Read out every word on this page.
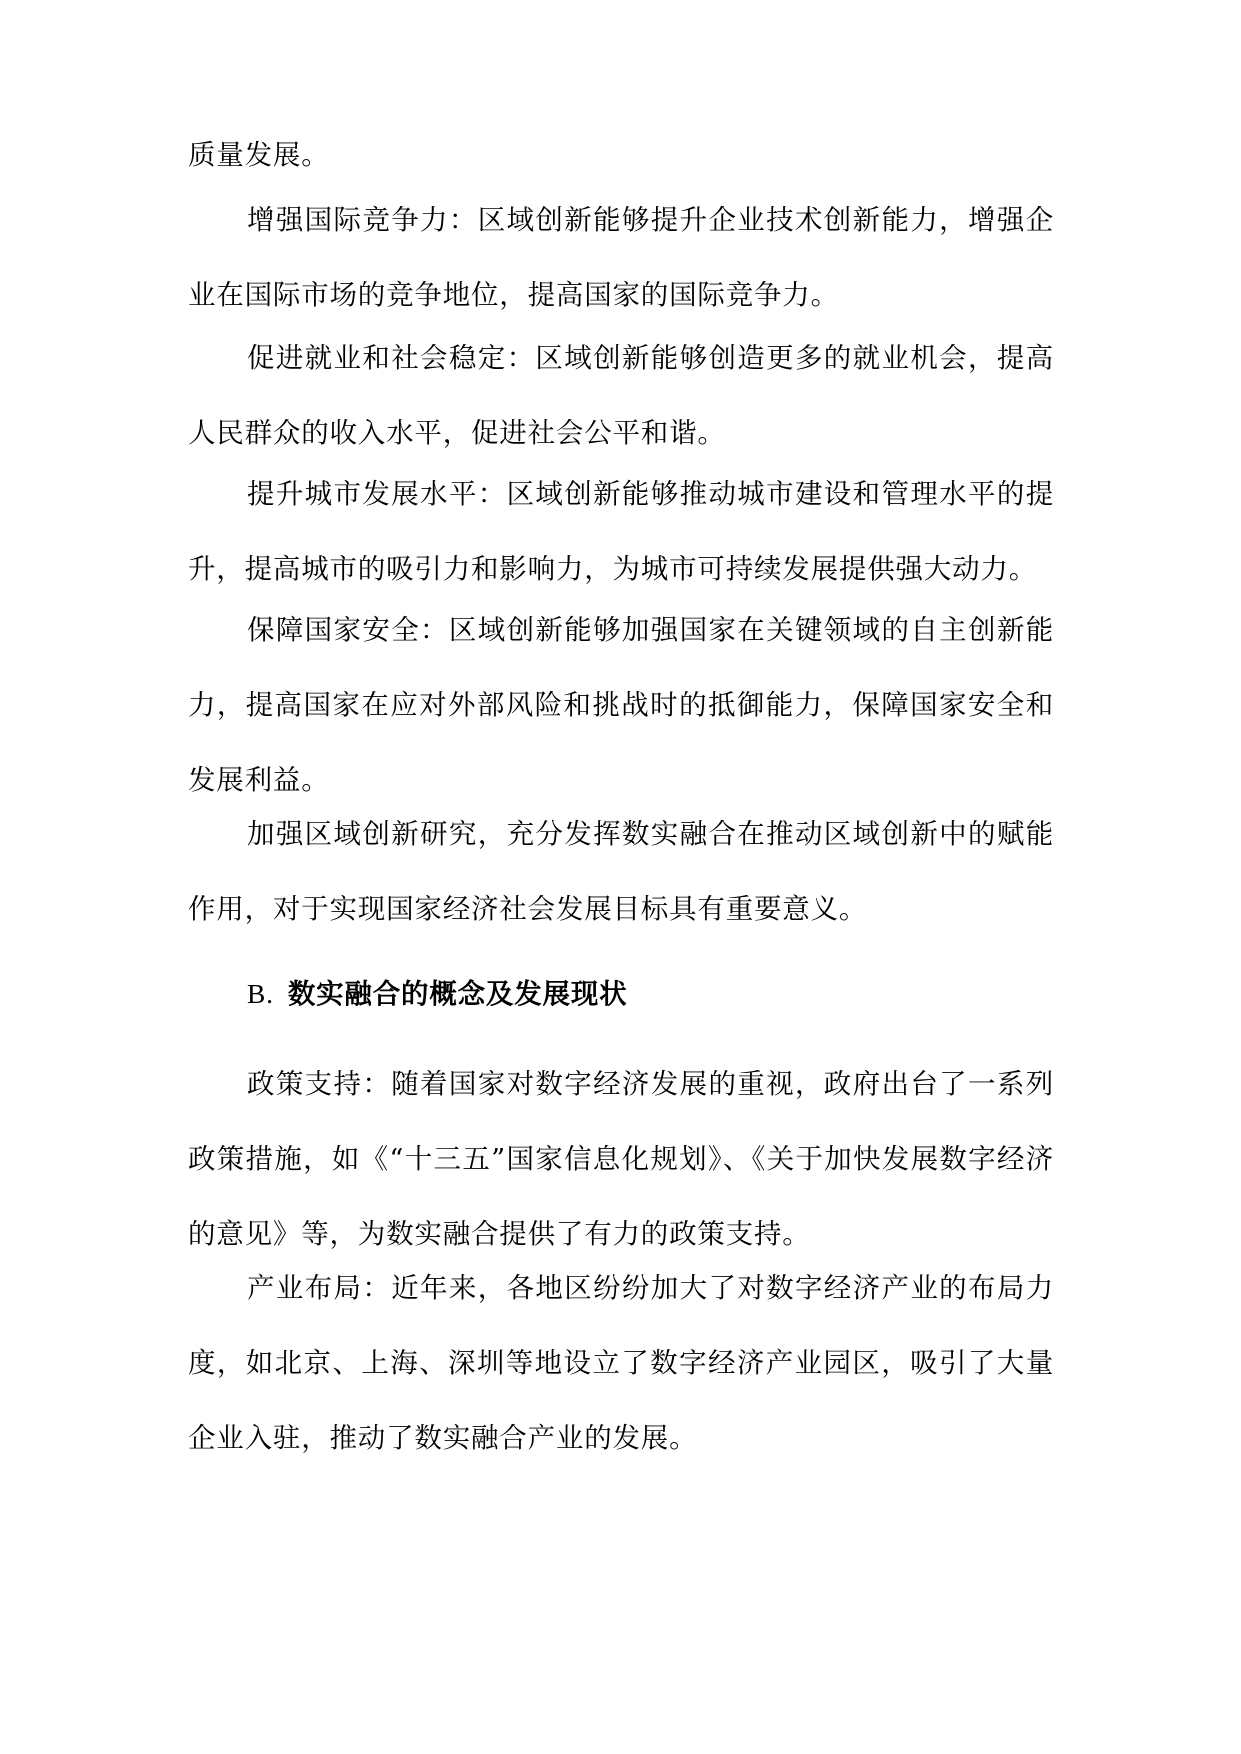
质量发展。

增强国际竞争力：区域创新能够提升企业技术创新能力，增强企业在国际市场的竞争地位，提高国家的国际竞争力。

促进就业和社会稳定：区域创新能够创造更多的就业机会，提高人民群众的收入水平，促进社会公平和谐。

提升城市发展水平：区域创新能够推动城市建设和管理水平的提升，提高城市的吸引力和影响力，为城市可持续发展提供强大动力。

保障国家安全：区域创新能够加强国家在关键领域的自主创新能力，提高国家在应对外部风险和挑战时的抵御能力，保障国家安全和发展利益。

加强区域创新研究，充分发挥数实融合在推动区域创新中的赋能作用，对于实现国家经济社会发展目标具有重要意义。

B. 数实融合的概念及发展现状

政策支持：随着国家对数字经济发展的重视，政府出台了一系列政策措施，如《“十三五”国家信息化规划》、《关于加快发展数字经济的意见》等，为数实融合提供了有力的政策支持。

产业布局：近年来，各地区纷纷加大了对数字经济产业的布局力度，如北京、上海、深圳等地设立了数字经济产业园区，吸引了大量企业入驻，推动了数实融合产业的发展。
